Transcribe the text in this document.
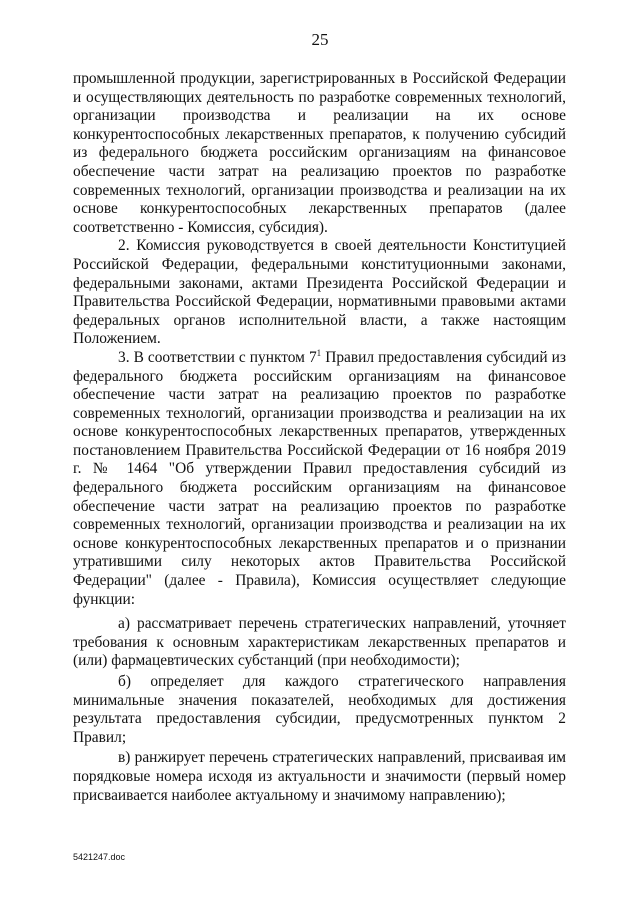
25

промышленной продукции, зарегистрированных в Российской Федерации и осуществляющих деятельность по разработке современных технологий, организации производства и реализации на их основе конкурентоспособных лекарственных препаратов, к получению субсидий из федерального бюджета российским организациям на финансовое обеспечение части затрат на реализацию проектов по разработке современных технологий, организации производства и реализации на их основе конкурентоспособных лекарственных препаратов (далее соответственно - Комиссия, субсидия).

2. Комиссия руководствуется в своей деятельности Конституцией Российской Федерации, федеральными конституционными законами, федеральными законами, актами Президента Российской Федерации и Правительства Российской Федерации, нормативными правовыми актами федеральных органов исполнительной власти, а также настоящим Положением.

3. В соответствии с пунктом $7^1$ Правил предоставления субсидий из федерального бюджета российским организациям на финансовое обеспечение части затрат на реализацию проектов по разработке современных технологий, организации производства и реализации на их основе конкурентоспособных лекарственных препаратов, утвержденных постановлением Правительства Российской Федерации от 16 ноября 2019 г. № 1464 "Об утверждении Правил предоставления субсидий из федерального бюджета российским организациям на финансовое обеспечение части затрат на реализацию проектов по разработке современных технологий, организации производства и реализации на их основе конкурентоспособных лекарственных препаратов и о признании утратившими силу некоторых актов Правительства Российской Федерации" (далее - Правила), Комиссия осуществляет следующие функции:

а) рассматривает перечень стратегических направлений, уточняет требования к основным характеристикам лекарственных препаратов и (или) фармацевтических субстанций (при необходимости);

б) определяет для каждого стратегического направления минимальные значения показателей, необходимых для достижения результата предоставления субсидии, предусмотренных пунктом 2 Правил;

в) ранжирует перечень стратегических направлений, присваивая им порядковые номера исходя из актуальности и значимости (первый номер присваивается наиболее актуальному и значимому направлению);

5421247.doc
